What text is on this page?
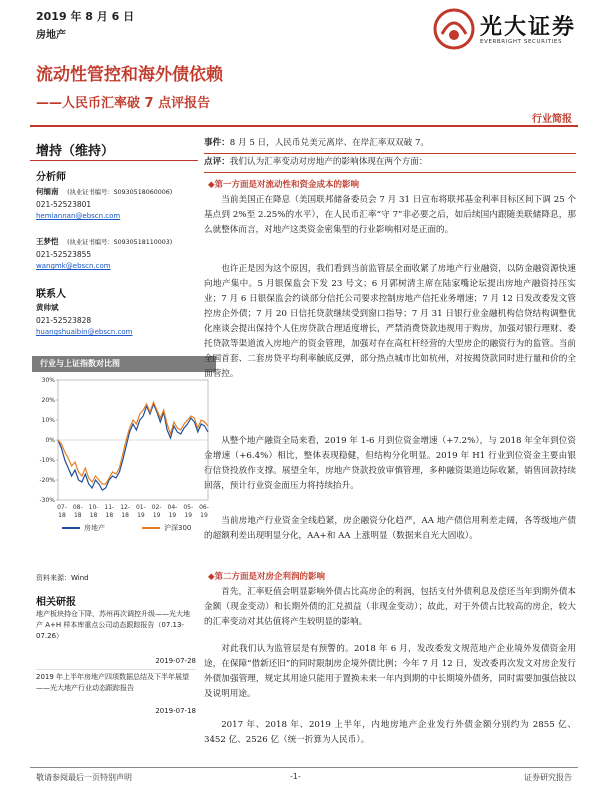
2019 年 8 月 6 日
房地产	光大证券
EVERBRIGHT SECURITIES
流动性管控和海外债依赖
——人民币汇率破 7 点评报告
行业简报
增持（维持）
分析师
何缅南 (执业证书编号：S0930518060006)
021-52523801
hemiannan@ebscn.com
王梦恺 (执业证书编号：S0930518110003)
021-52523855
wangmk@ebscn.com
联系人
黄帅斌
021-52523828
huangshuaibin@ebscn.com
行业与上证指数对比图
-30%
-20%
-10%
0%
10%
20%
30%
07-
18
08-
18
10-
18
11-
18
12-
18
01-
19
02-
19
04-
19
05-
19
06-
19
房地产	沪深300
资料来源：Wind
相关研报
地产板块持仓下降，苏州再次调控升级——光大地产 A+H 样本库重点公司动态跟踪报告（07.13-07.26）
2019-07-28
2019 年上半年房地产四项数据总结及下半年展望——光大地产行业动态跟踪报告
2019-07-18
事件：8 月 5 日，人民币兑美元离岸、在岸汇率双双破 7。
点评：我们认为汇率变动对房地产的影响体现在两个方面：
◆第一方面是对流动性和资金成本的影响
当前美国正在降息（美国联邦储备委员会 7 月 31 日宣布将联邦基金利率目标区间下调 25 个基点到 2%至 2.25%的水平），在人民币汇率“守 7”非必要之后，如后续国内跟随美联储降息，那么就整体而言，对地产这类资金密集型的行业影响相对是正面的。
也许正是因为这个原因，我们看到当前监管层全面收紧了房地产行业融资，以防金融资源快速向地产集中。5 月银保监会下发 23 号文；6 月郭树清主席在陆家嘴论坛提出房地产融资持压实业；7 月 6 日银保监会约谈部分信托公司要求控制房地产信托业务增速；7 月 12 日发改委发文管控房企外债；7 月 20 日信托贷款继续受到窗口指导；7 月 31 日银行业金融机构信贷结构调整优化座谈会提出保持个人住房贷款合理适度增长，严禁消费贷款违规用于购房，加强对银行理财、委托贷款等渠道流入房地产的资金管理，加强对存在高杠杆经营的大型房企的融资行为的监管。当前全国首套、二套房贷平均利率触底反弹，部分热点城市比如杭州，对按揭贷款同时进行量和价的全面管控。
从整个地产融资全局来看，2019 年 1-6 月到位资金增速（+7.2%），与 2018 年全年到位资金增速（+6.4%）相比，整体表现稳健，但结构分化明显。2019 年 H1 行业到位资金主要由银行信贷投放作支撑。展望全年，房地产贷款投放审慎管理，多种融资渠道边际收紧，销售回款持续回落，预计行业资金面压力将持续抬升。
当前房地产行业资金全线趋紧，房企融资分化趋严，AA 地产债信用利差走阔，各等级地产债的超额利差出现明显分化，AA+和 AA 上涨明显（数据来自光大固收）。
◆第二方面是对房企利润的影响
首先，汇率贬值会明显影响外债占比高房企的利润，包括支付外债利息及偿还当年到期外债本金额（现金变动）和长期外债的汇兑损益（非现金变动）；故此，对于外债占比较高的房企，较大的汇率变动对其估值将产生较明显的影响。
对此我们认为监管层是有预警的。2018 年 6 月，发改委发文规范地产企业境外发债资金用途，在保障“借新还旧”的同时限制房企境外债比例；今年 7 月 12 日，发改委再次发文对房企发行外债加强管理，规定其用途只能用于置换未来一年内到期的中长期境外债务，同时需要加强信披以及说明用途。
2017 年、2018 年、2019 上半年，内地房地产企业发行外债金额分别约为 2855 亿、3452 亿、2526 亿（统一折算为人民币）。
敬请参阅最后一页特别声明	-1-	证券研究报告
